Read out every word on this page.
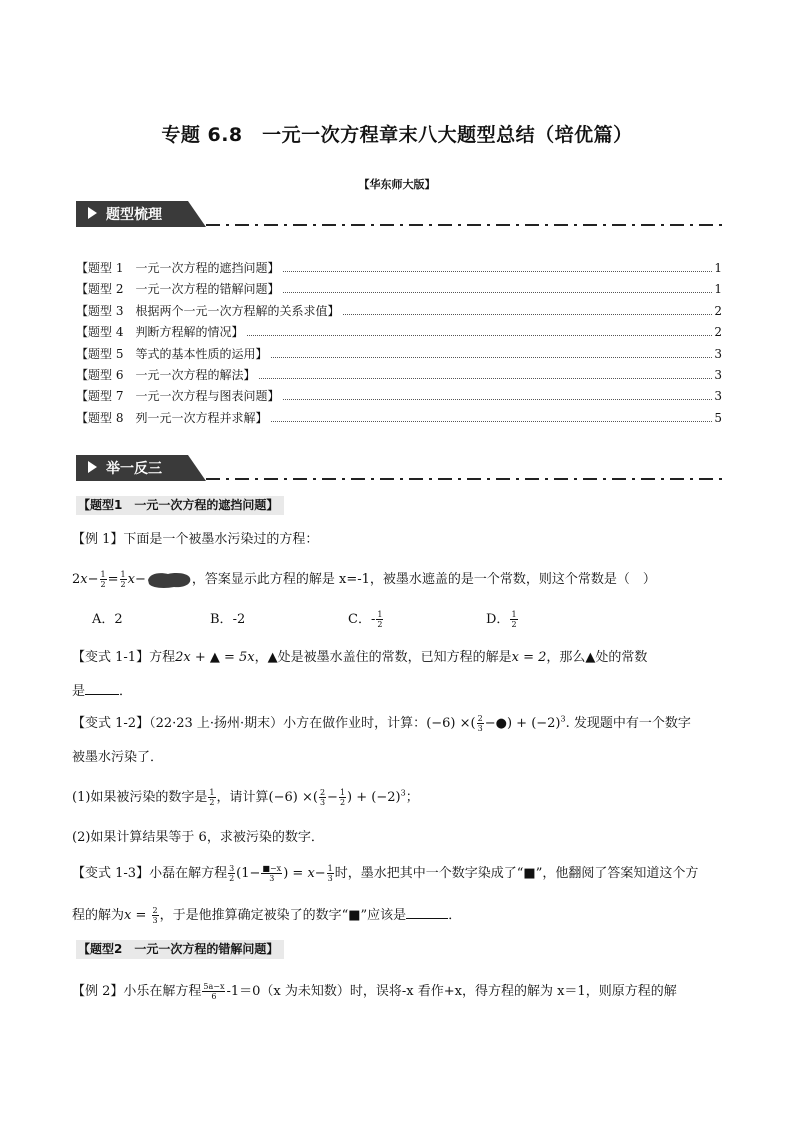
专题 6.8　一元一次方程章末八大题型总结（培优篇）
【华东师大版】
题型梳理
【题型 1　一元一次方程的遮挡问题】	1
【题型 2　一元一次方程的错解问题】	1
【题型 3　根据两个一元一次方程解的关系求值】	2
【题型 4　判断方程解的情况】	2
【题型 5　等式的基本性质的运用】	3
【题型 6　一元一次方程的解法】	3
【题型 7　一元一次方程与图表问题】	3
【题型 8　列一元一次方程并求解】	5
举一反三
【题型1　一元一次方程的遮挡问题】
【例 1】下面是一个被墨水污染过的方程：
$2x- \frac{1}{2} = \frac{1}{2} x-$	，答案显示此方程的解是 x=-1，被墨水遮盖的是一个常数，则这个常数是（　）
A．2	B．-2	C．- $\frac{1}{2}$	D． $\frac{1}{2}$
【变式 1-1】方程2x + ▲ = 5x，▲处是被墨水盖住的常数，已知方程的解是x = 2，那么▲处的常数
是	．
【变式 1-2】（22·23 上·扬州·期末）小方在做作业时，计算：(−6) ×( $\frac{2}{3}$ −●) + $(-2)^3$. 发现题中有一个数字
被墨水污染了．
(1)如果被污染的数字是 $\frac{1}{2}$ ，请计算(−6) ×( $\frac{2}{3} - \frac{1}{2}$ ) + $(-2)^3$；
(2)如果计算结果等于 6，求被污染的数字．
【变式 1-3】小磊在解方程 $\frac{3}{2} (1- \frac{■-x}{3}$ ) = $x- \frac{1}{3}$ 时，墨水把其中一个数字染成了“■”，他翻阅了答案知道这个方
程的解为$x = \frac{2}{3}$ ，于是他推算确定被染了的数字“■”应该是	．
【题型2　一元一次方程的错解问题】
【例 2】小乐在解方程 $\frac{5a-x}{6} -1=0(x$ 为未知数）时，误将-x 看作+x，得方程的解为 x＝1，则原方程的解
